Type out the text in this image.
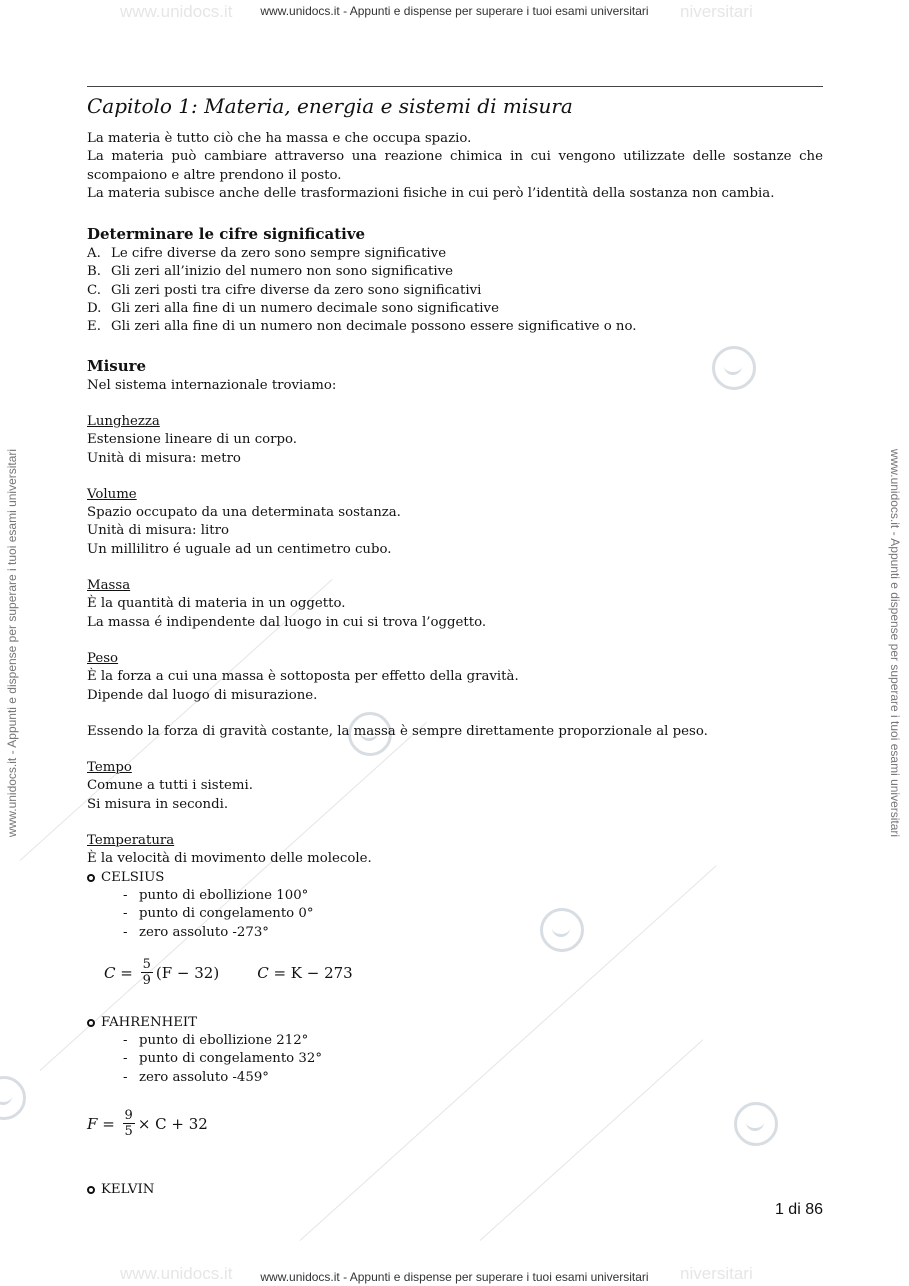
www.unidocs.it	niversitari
www.unidocs.it	niversitari
www.unidocs.it - Appunti e dispense per superare i tuoi esami universitari
www.unidocs.it - Appunti e dispense per superare i tuoi esami universitari
www.unidocs.it - Appunti e dispense per superare i tuoi esami universitari	www.unidocs.it - Appunti e dispense per superare i tuoi esami universitari
Capitolo 1: Materia, energia e sistemi di misura

La materia è tutto ciò che ha massa e che occupa spazio.

La materia può cambiare attraverso una reazione chimica in cui vengono utilizzate delle sostanze che scompaiono e altre prendono il posto.

La materia subisce anche delle trasformazioni fisiche in cui però l’identità della sostanza non cambia.

Determinare le cifre significative
A. Le cifre diverse da zero sono sempre significative
B. Gli zeri all’inizio del numero non sono significative
C. Gli zeri posti tra cifre diverse da zero sono significativi
D. Gli zeri alla fine di un numero decimale sono significative
E. Gli zeri alla fine di un numero non decimale possono essere significative o no.
Misure

Nel sistema internazionale troviamo:

Lunghezza

Estensione lineare di un corpo.

Unità di misura: metro

Volume

Spazio occupato da una determinata sostanza.

Unità di misura: litro

Un millilitro é uguale ad un centimetro cubo.

Massa

È la quantità di materia in un oggetto.

La massa é indipendente dal luogo in cui si trova l’oggetto.

Peso

È la forza a cui una massa è sottoposta per effetto della gravità.

Dipende dal luogo di misurazione.

Essendo la forza di gravità costante, la massa è sempre direttamente proporzionale al peso.

Tempo

Comune a tutti i sistemi.

Si misura in secondi.

Temperatura

È la velocità di movimento delle molecole.

CELSIUS
- punto di ebollizione 100°
- punto di congelamento 0°
- zero assoluto -273°
$C = \frac{5}{9} (F - 32)$	C = K − 273
FAHRENHEIT
- punto di ebollizione 212°
- punto di congelamento 32°
- zero assoluto -459°
$F = \frac{9}{5} \times C + 32$
KELVIN
1 di 86
